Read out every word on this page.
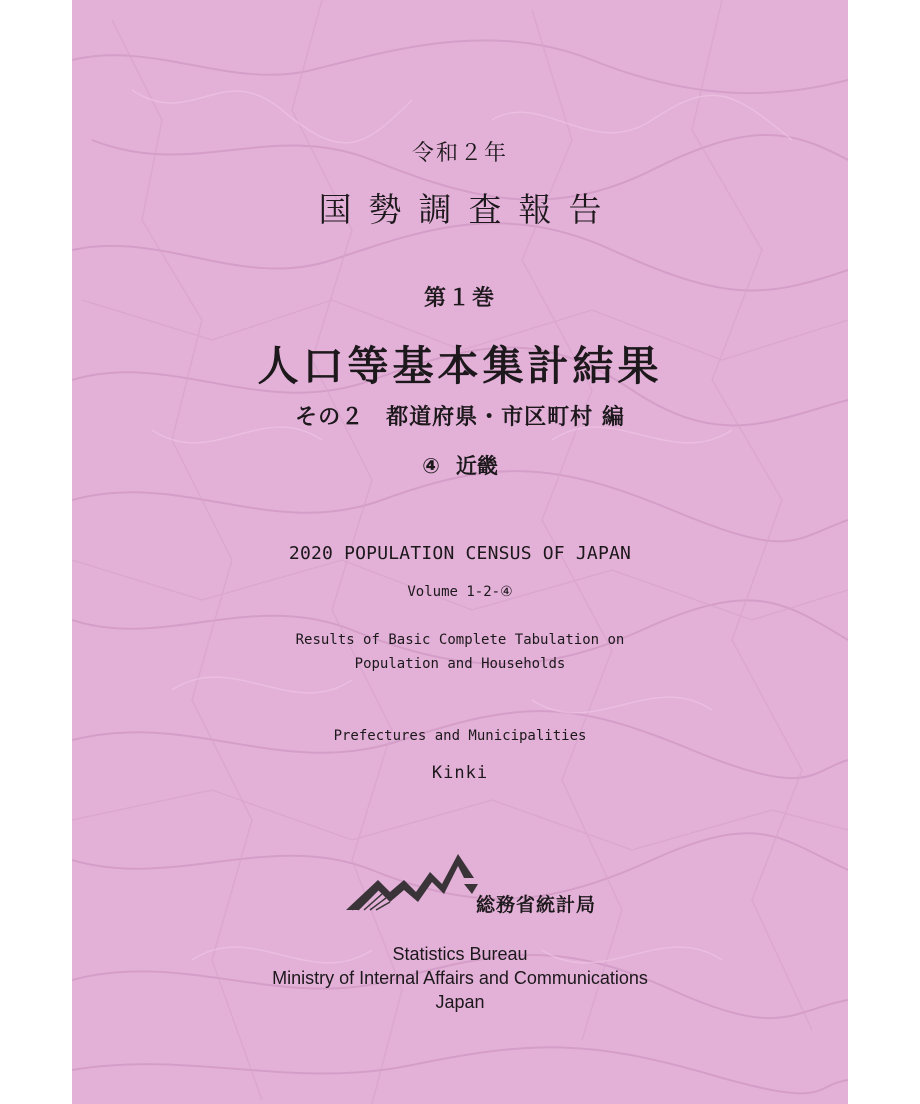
令和２年
国勢調査報告
第１巻
人口等基本集計結果
その２ 都道府県・市区町村 編
④ 近畿
2020 POPULATION CENSUS OF JAPAN
Volume 1-2-④
Results of Basic Complete Tabulation on
Population and Households
Prefectures and Municipalities
Kinki
総務省統計局
Statistics Bureau
Ministry of Internal Affairs and Communications
Japan
